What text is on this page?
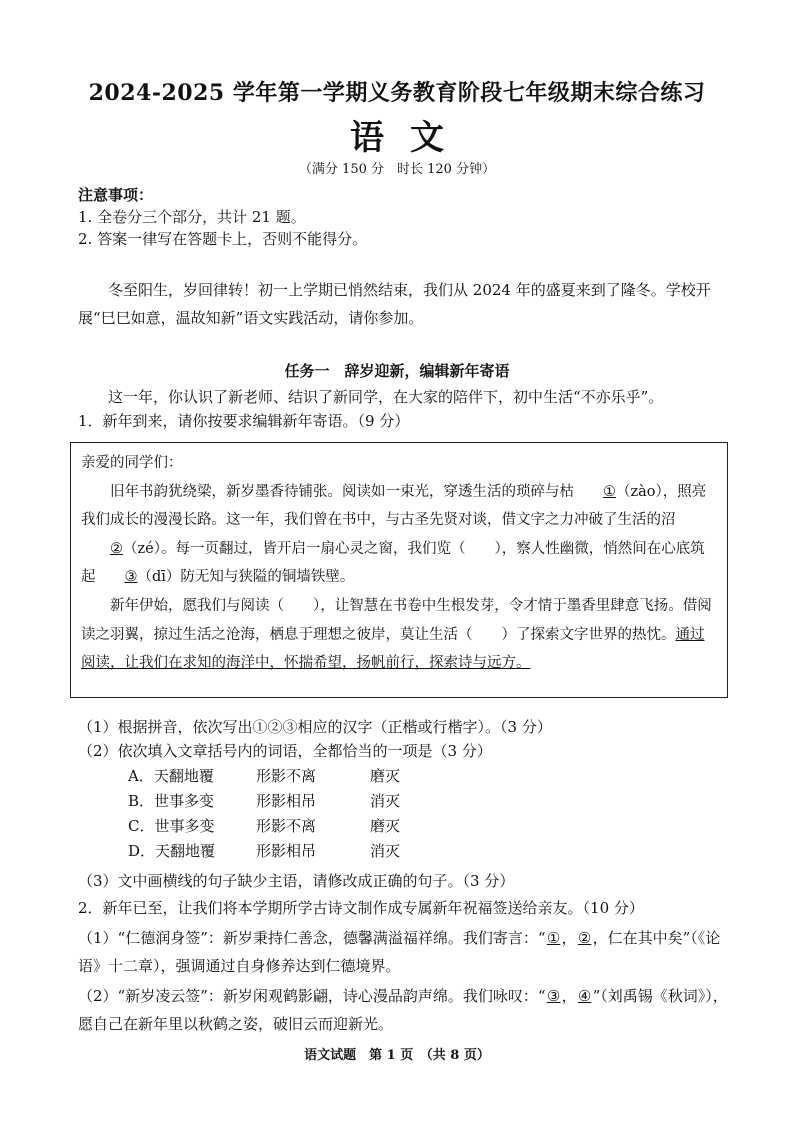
2024-2025 学年第一学期义务教育阶段七年级期末综合练习
语文
（满分 150 分　时长 120 分钟）
注意事项：
1. 全卷分三个部分，共计 21 题。
2. 答案一律写在答题卡上，否则不能得分。
冬至阳生，岁回律转！初一上学期已悄然结束，我们从 2024 年的盛夏来到了隆冬。学校开展“巳巳如意，温故知新”语文实践活动，请你参加。
任务一　辞岁迎新，编辑新年寄语
这一年，你认识了新老师、结识了新同学，在大家的陪伴下，初中生活“不亦乐乎”。
1．新年到来，请你按要求编辑新年寄语。（9 分）

亲爱的同学们：

旧年书韵犹绕梁，新岁墨香待铺张。阅读如一束光，穿透生活的琐碎与枯 ①（zào），照亮我们成长的漫漫长路。这一年，我们曾在书中，与古圣先贤对谈，借文字之力冲破了生活的沼②（zé）。每一页翻过，皆开启一扇心灵之窗，我们览（　　），察人性幽微，悄然间在心底筑起 ③（dī）防无知与狭隘的铜墙铁壁。

新年伊始，愿我们与阅读（　　），让智慧在书卷中生根发芽，令才情于墨香里肆意飞扬。借阅读之羽翼，掠过生活之沧海，栖息于理想之彼岸，莫让生活（　　）了探索文字世界的热忱。通过阅读，让我们在求知的海洋中，怀揣希望，扬帆前行，探索诗与远方。

（1）根据拼音，依次写出①②③相应的汉字（正楷或行楷字）。（3 分）
（2）依次填入文章括号内的词语，全都恰当的一项是（3 分）
A．天翻地覆	形影不离	磨灭
B．世事多变	形影相吊	消灭
C．世事多变	形影不离	磨灭
D．天翻地覆	形影相吊	消灭
（3）文中画横线的句子缺少主语，请修改成正确的句子。（3 分）
2．新年已至，让我们将本学期所学古诗文制作成专属新年祝福签送给亲友。（10 分）
（1）“仁德润身签”：新岁秉持仁善念，德馨满溢福祥绵。我们寄言：“①，②，仁在其中矣”（《论语》十二章），强调通过自身修养达到仁德境界。
（2）“新岁凌云签”：新岁闲观鹤影翩，诗心漫品韵声绵。我们咏叹：“③，④”（刘禹锡《秋词》），愿自己在新年里以秋鹤之姿，破旧云而迎新光。
语文试题　第 1 页　（共 8 页）
